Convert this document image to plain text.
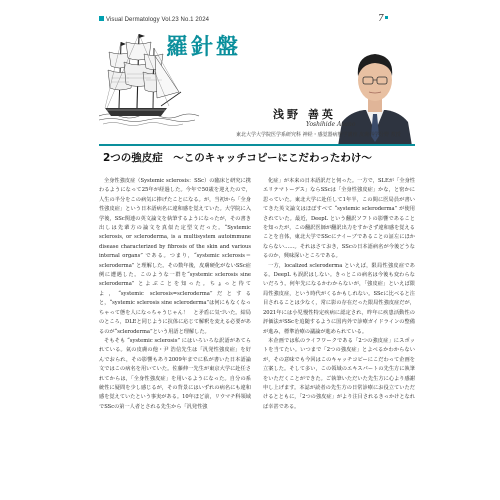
Visual Dermatology Vol.23 No.1 2024	7
羅針盤
浅野 善英
Yoshihide Asano
東北大学大学院医学系研究科 神経・感覚器病態学講座 皮膚科学分野 教授
2つの強皮症　〜このキャッチコピーにこだわったわけ〜

全身性強皮症（Systemic sclerosis：SSc）の臨床と研究に携わるようになって25年が経過した。今年で50歳を迎えたので，人生の半分をこの病気に捧げたことになる。が，当初から「全身性強皮症」という日本語病名に違和感を覚えていた。大学院に入学後，SSc関連の英文論文を執筆するようになったが，その書き出しは先輩方の論文を真似た定型文だった。“Systemic sclerosis, or scleroderma, is a multisystem autoimmune disease characterized by fibrosis of the skin and various internal organs” である。つまり，“systemic sclerosis＝scleroderma” と理解した。その数年後，皮膚硬化がないSSc症例に遭遇した。このような一群を“systemic sclerosis sine scleroderma” とよぶことを知った。ちょっと待てよ，“systemic sclerosis=scleroderma”だとすると，“systemic sclerosis sine scleroderma”は何にもなくなっちゃって態を人になっちゃうじゃん！　と矛盾に気づいた。結局のところ，DLEと同じように抗体に応じて解釈を変える必要があるのが“scleroderma”という用語と理解した。

そもそも “systemic sclerosis” にはいろいろな訳語があてられている。氣の皮膚の他・尹 浩信先生は「汎発性強皮症」を好んでおられ，その影響もあり2009年までに私が書いた日本語論文ではこの病名を用いていた。佐藤伸一先生が東京大学に赴任されてからは，「全身性強皮症」を用いるようになった。自分の系統性に疑問を少し感じるが，その背景にはいずれの病名にも違和感を覚えていたという事実がある。10年ほど前，リウマチ科領域でSScの第一人者とされる先生から「汎発性強

化症」が本来の日本語訳だと伺った。一方で，SLEが「全身性エリテマトーデス」ならSScは「全身性強皮症」かな，と密かに思っていた。東北大学に赴任して1年半，この間に医局員が書いてきた英文論文はほぼすべて “systemic scleroderma” が使用されていた。最近，DeepL という翻訳ソフトの影響であることを知ったが，この翻訳医師が翻訳出力をすかさず違和感を覚えることを自体，東北大学でSScにナイーブであることの証左にほかならない……。それはさておき，SScの日本語病名が今後どうなるのか，興味深いところである。

一方，localized scleroderma といえば，限局性強皮症である。DeepL も誤訳はしない。きっとこの病名は今後も変わらないだろう。何年先になるかわからないが，「強皮症」といえば限局性強皮症，という時代がくるかもしれない。SScに比べると注目されることは少なく，常に影の存在だった限局性強皮症だが，2021年には小児慢性特定疾病に認定され，昨年に疾患活動性の評価法がSScを追随するように国内外で診療ガイドラインの整備が進み，標準治療の議論が進められている。

本企画では私のライフワークである「2つの強皮症」にスポットを当てたい。いつまで「2つの強皮症」とよべるかわからないが，その意味でも今回はこのキャッチコピーにこだわって企画を立案した。そして多い，この領域のエキスパートの先生方に執筆をいただくことができた。ご執筆いただいた先生方に心より感謝申し上げます。本誌が読者の先生方の日常診療にお役立ていただけるとともに，「2つの強皮症」がより注目されるきっかけとなれば幸甚である。
